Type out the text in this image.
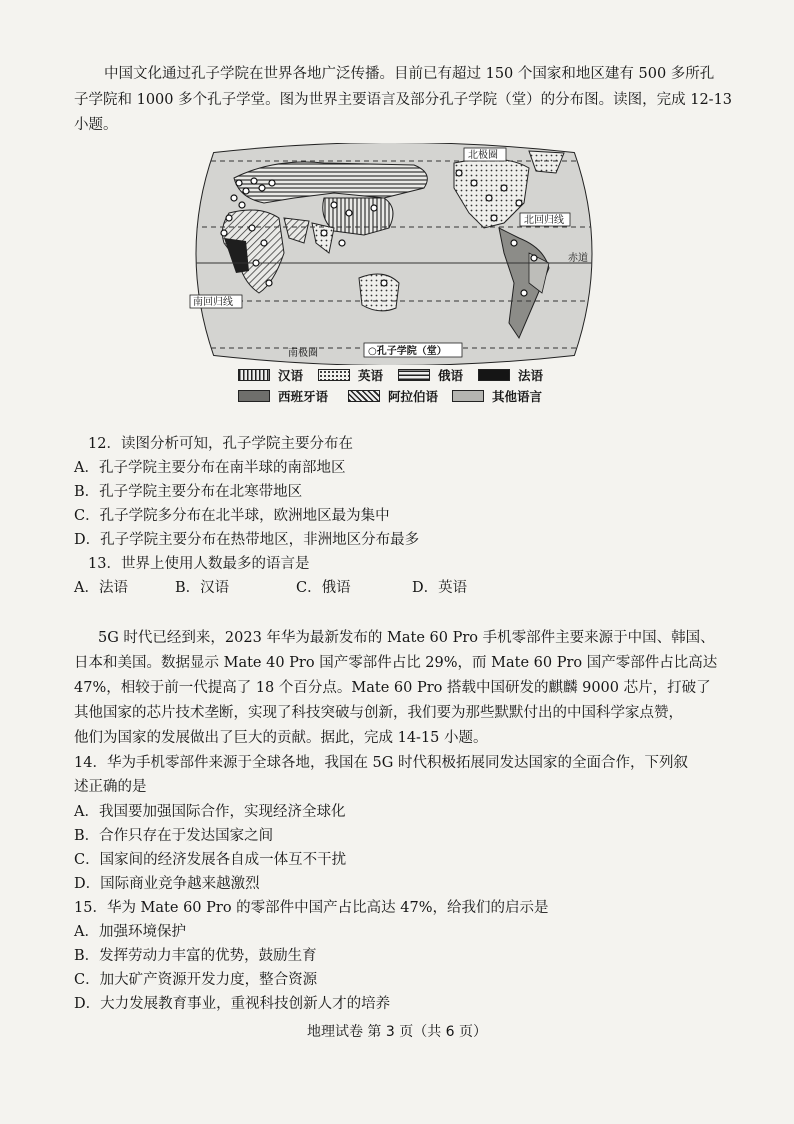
中国文化通过孔子学院在世界各地广泛传播。目前已有超过 150 个国家和地区建有 500 多所孔
子学院和 1000 多个孔子学堂。图为世界主要语言及部分孔子学院（堂）的分布图。读图，完成 12-13
小题。
北极圈
北回归线
赤道
南回归线
南极圈	○孔子学院（堂）
汉语	英语	俄语	法语
西班牙语	阿拉伯语	其他语言
12．读图分析可知，孔子学院主要分布在
A．孔子学院主要分布在南半球的南部地区
B．孔子学院主要分布在北寒带地区
C．孔子学院多分布在北半球，欧洲地区最为集中
D．孔子学院主要分布在热带地区，非洲地区分布最多
13．世界上使用人数最多的语言是
A．法语	B．汉语	C．俄语	D．英语
5G 时代已经到来，2023 年华为最新发布的 Mate 60 Pro 手机零部件主要来源于中国、韩国、
日本和美国。数据显示 Mate 40 Pro 国产零部件占比 29%，而 Mate 60 Pro 国产零部件占比高达
47%，相较于前一代提高了 18 个百分点。Mate 60 Pro 搭载中国研发的麒麟 9000 芯片，打破了
其他国家的芯片技术垄断，实现了科技突破与创新，我们要为那些默默付出的中国科学家点赞，
他们为国家的发展做出了巨大的贡献。据此，完成 14-15 小题。
14．华为手机零部件来源于全球各地，我国在 5G 时代积极拓展同发达国家的全面合作，下列叙
述正确的是
A．我国要加强国际合作，实现经济全球化
B．合作只存在于发达国家之间
C．国家间的经济发展各自成一体互不干扰
D．国际商业竞争越来越激烈
15．华为 Mate 60 Pro 的零部件中国产占比高达 47%，给我们的启示是
A．加强环境保护
B．发挥劳动力丰富的优势，鼓励生育
C．加大矿产资源开发力度，整合资源
D．大力发展教育事业，重视科技创新人才的培养
地理试卷 第 3 页（共 6 页）
